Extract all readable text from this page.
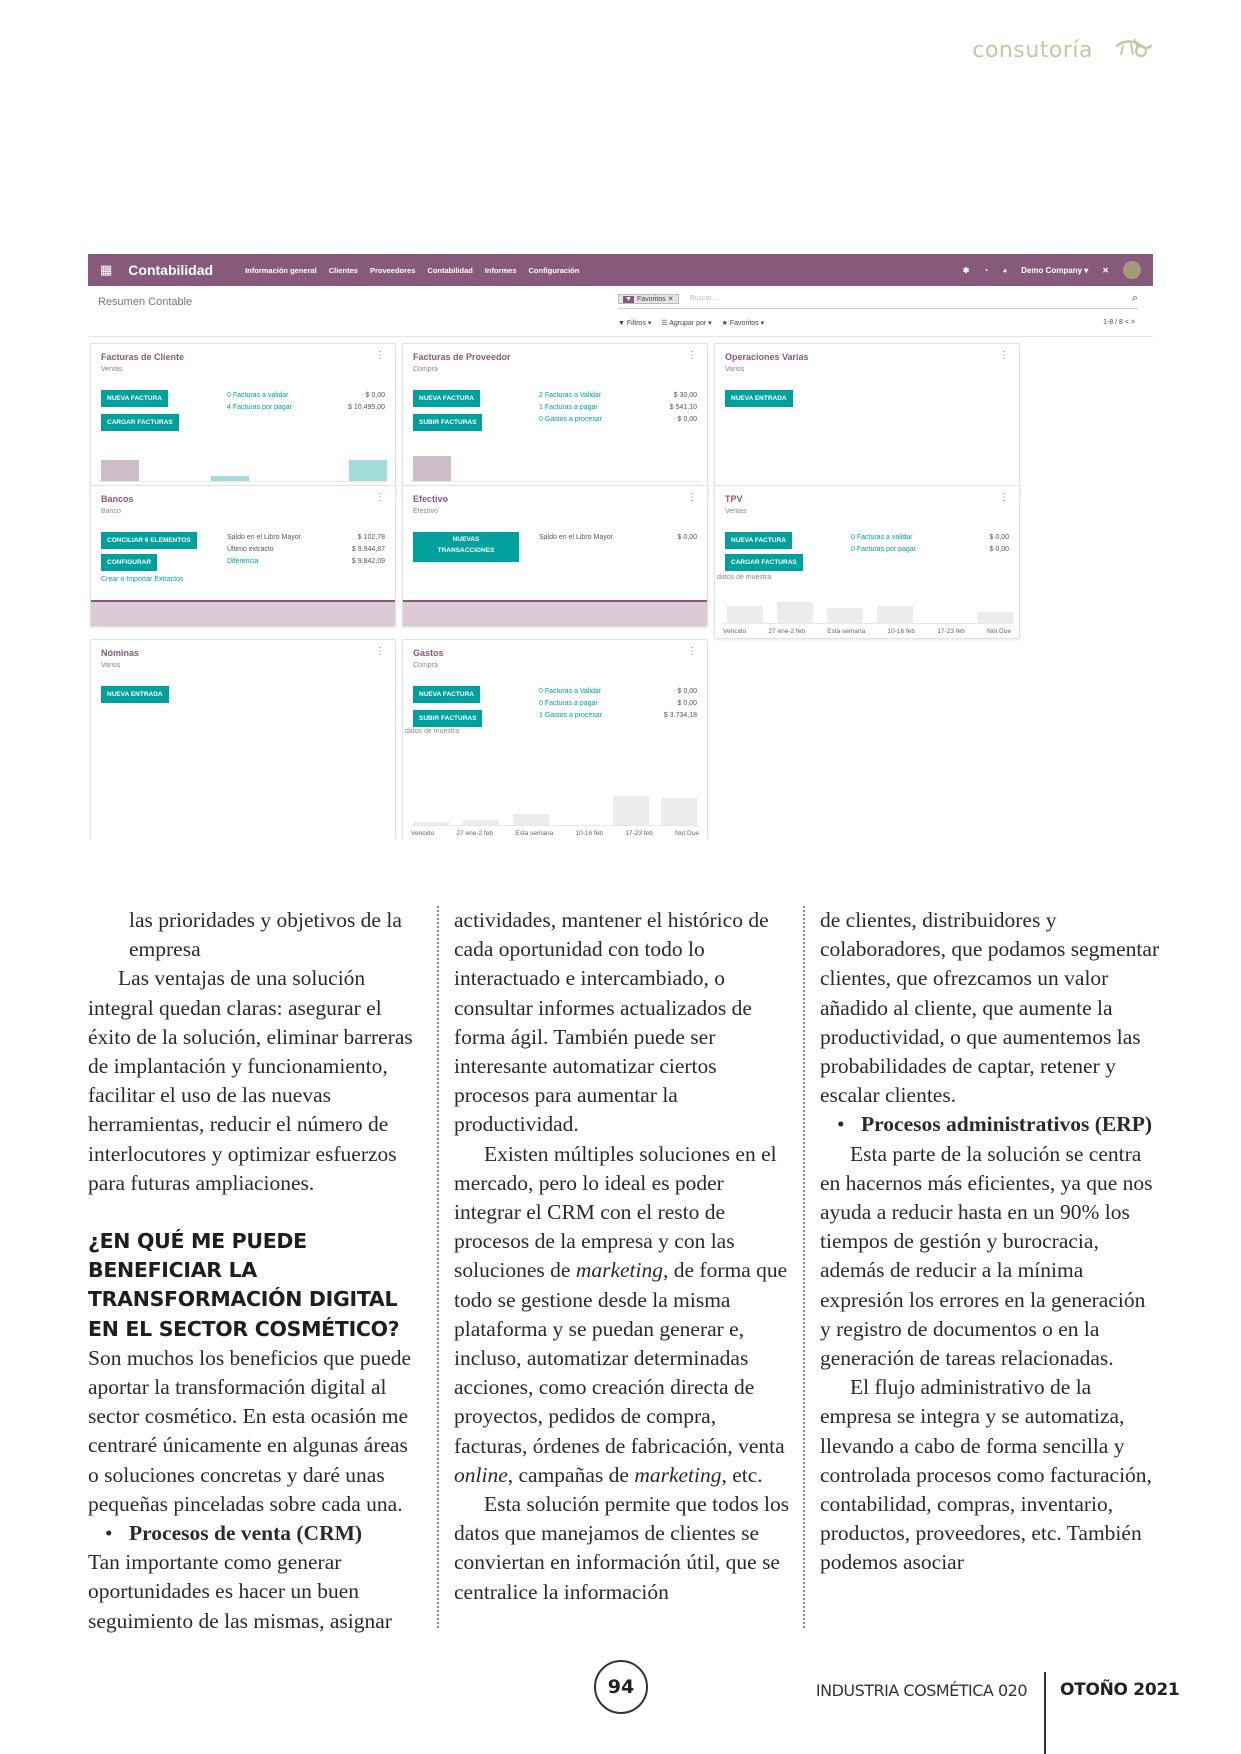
consutoría
▦ Contabilidad	Información general Clientes Proveedores Contabilidad Informes Configuración	✱ ◔ ◕ Demo Company ▾ ✕
Resumen Contable	▼ Favoritos ✕	Buscar...	⌕
▼ Filtros ▾ ☰ Agrupar por ▾ ★ Favoritos ▾	1-8 / 8 < >
Facturas de Cliente
Ventas
⋮
NUEVA FACTURA
CARGAR FACTURAS
0 Facturas a validar
4 Facturas por pagar
$ 0,00
$ 10.495,00
Facturas de Proveedor
Compra
⋮
NUEVA FACTURA
SUBIR FACTURAS
2 Facturas a Validar
1 Facturas a pagar
0 Gastos a procesar
$ 30,00
$ 541,10
$ 0,00
Operaciones Varias
Varios
⋮
NUEVA ENTRADA
Bancos
Banco
⋮
CONCILIAR 6 ELEMENTOS
CONFIGURAR
Crear o Importar Extractos
Saldo en el Libro Mayor
Último extracto
Diferencia
$ 102,78
$ 9.944,87
$ 9.842,09
Efectivo
Efectivo
⋮
NUEVAS
TRANSACCIONES
Saldo en el Libro Mayor	$ 0,00
TPV
Ventas
⋮
NUEVA FACTURA
CARGAR FACTURAS
datos de muestra
0 Facturas a validar
0 Facturas por pagar
$ 0,00
$ 0,00
Vencido	27 ene-2 feb	Esta semana	10-16 feb	17-23 feb	Not Due
Nóminas
Varios
⋮
NUEVA ENTRADA
Gastos
Compra
⋮
NUEVA FACTURA
SUBIR FACTURAS
datos de muestra
0 Facturas a Validar
0 Facturas a pagar
1 Gastos a procesar
$ 0,00
$ 0,00
$ 3.734,18
Vencido	27 ene-2 feb	Esta semana	10-16 feb	17-23 feb	Not Due

las prioridades y objetivos de la empresa

Las ventajas de una solución integral quedan claras: asegurar el éxito de la solución, eliminar barreras de implantación y funcionamiento, facilitar el uso de las nuevas herramientas, reducir el número de interlocutores y optimizar esfuerzos para futuras ampliaciones.

¿EN QUÉ ME PUEDE BENEFICIAR LA TRANSFORMACIÓN DIGITAL EN EL SECTOR COSMÉTICO?

Son muchos los beneficios que puede aportar la transformación digital al sector cosmético. En esta ocasión me centraré únicamente en algunas áreas o soluciones concretas y daré unas pequeñas pinceladas sobre cada una.

• Procesos de venta (CRM)

Tan importante como generar oportunidades es hacer un buen seguimiento de las mismas, asignar

actividades, mantener el histórico de cada oportunidad con todo lo interactuado e intercambiado, o consultar informes actualizados de forma ágil. También puede ser interesante automatizar ciertos procesos para aumentar la productividad.

Existen múltiples soluciones en el mercado, pero lo ideal es poder integrar el CRM con el resto de procesos de la empresa y con las soluciones de marketing, de forma que todo se gestione desde la misma plataforma y se puedan generar e, incluso, automatizar determinadas acciones, como creación directa de proyectos, pedidos de compra, facturas, órdenes de fabricación, venta online, campañas de marketing, etc.

Esta solución permite que todos los datos que manejamos de clientes se conviertan en información útil, que se centralice la información

de clientes, distribuidores y colaboradores, que podamos segmentar clientes, que ofrezcamos un valor añadido al cliente, que aumente la productividad, o que aumentemos las probabilidades de captar, retener y escalar clientes.

• Procesos administrativos (ERP)

Esta parte de la solución se centra en hacernos más eficientes, ya que nos ayuda a reducir hasta en un 90% los tiempos de gestión y burocracia, además de reducir a la mínima expresión los errores en la generación y registro de documentos o en la generación de tareas relacionadas.

El flujo administrativo de la empresa se integra y se automatiza, llevando a cabo de forma sencilla y controlada procesos como facturación, contabilidad, compras, inventario, productos, proveedores, etc. También podemos asociar

94	INDUSTRIA COSMÉTICA 020 OTOÑO 2021
